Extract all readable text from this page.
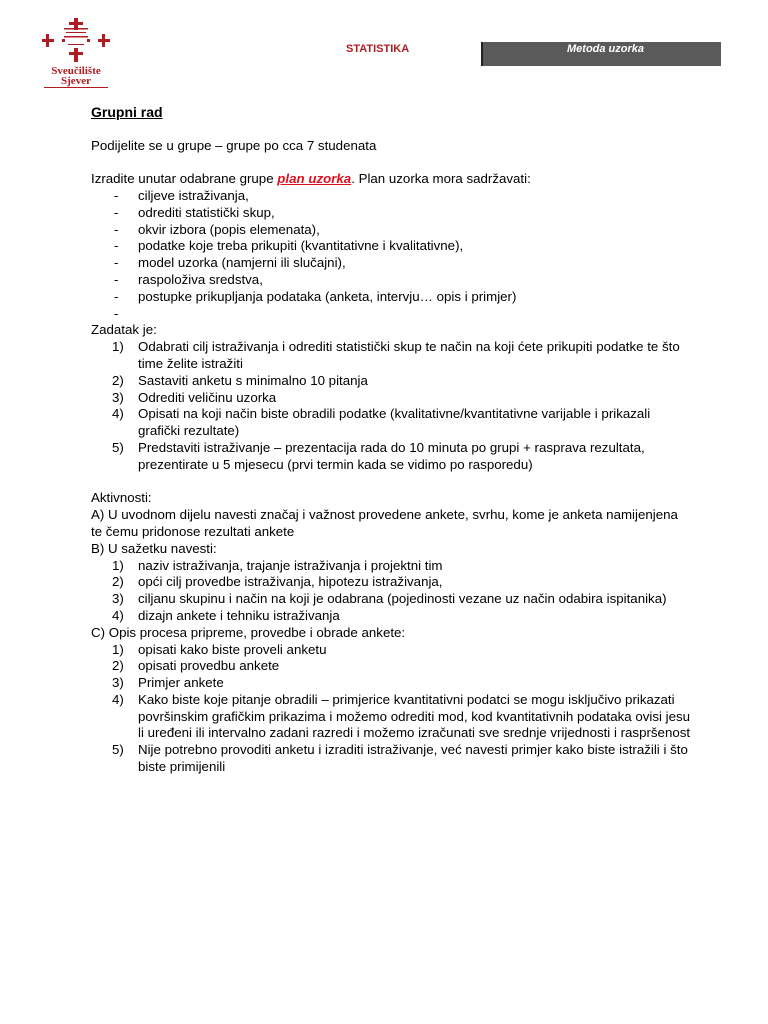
Sveučilište
Sjever
STATISTIKA	Metoda uzorka

Grupni rad

Podijelite se u grupe – grupe po cca 7 studenata

Izradite unutar odabrane grupe plan uzorka. Plan uzorka mora sadržavati:

- ciljeve istraživanja,
- odrediti statistički skup,
- okvir izbora (popis elemenata),
- podatke koje treba prikupiti (kvantitativne i kvalitativne),
- model uzorka (namjerni ili slučajni),
- raspoloživa sredstva,
- postupke prikupljanja podataka (anketa, intervju… opis i primjer)
-

Zadatak je:

1) Odabrati cilj istraživanja i odrediti statistički skup te način na koji ćete prikupiti podatke te što time želite istražiti
2) Sastaviti anketu s minimalno 10 pitanja
3) Odrediti veličinu uzorka
4) Opisati na koji način biste obradili podatke (kvalitativne/kvantitativne varijable i prikazali grafički rezultate)
5) Predstaviti istraživanje – prezentacija rada do 10 minuta po grupi + rasprava rezultata, prezentirate u 5 mjesecu (prvi termin kada se vidimo po rasporedu)

Aktivnosti:

A) U uvodnom dijelu navesti značaj i važnost provedene ankete, svrhu, kome je anketa namijenjena te čemu pridonose rezultati ankete

B) U sažetku navesti:

1) naziv istraživanja, trajanje istraživanja i projektni tim
2) opći cilj provedbe istraživanja, hipotezu istraživanja,
3) ciljanu skupinu i način na koji je odabrana (pojedinosti vezane uz način odabira ispitanika)
4) dizajn ankete i tehniku istraživanja

C) Opis procesa pripreme, provedbe i obrade ankete:

1) opisati kako biste proveli anketu
2) opisati provedbu ankete
3) Primjer ankete
4) Kako biste koje pitanje obradili – primjerice kvantitativni podatci se mogu isključivo prikazati površinskim grafičkim prikazima i možemo odrediti mod, kod kvantitativnih podataka ovisi jesu li uređeni ili intervalno zadani razredi i možemo izračunati sve srednje vrijednosti i raspršenost
5) Nije potrebno provoditi anketu i izraditi istraživanje, već navesti primjer kako biste istražili i što biste primijenili
